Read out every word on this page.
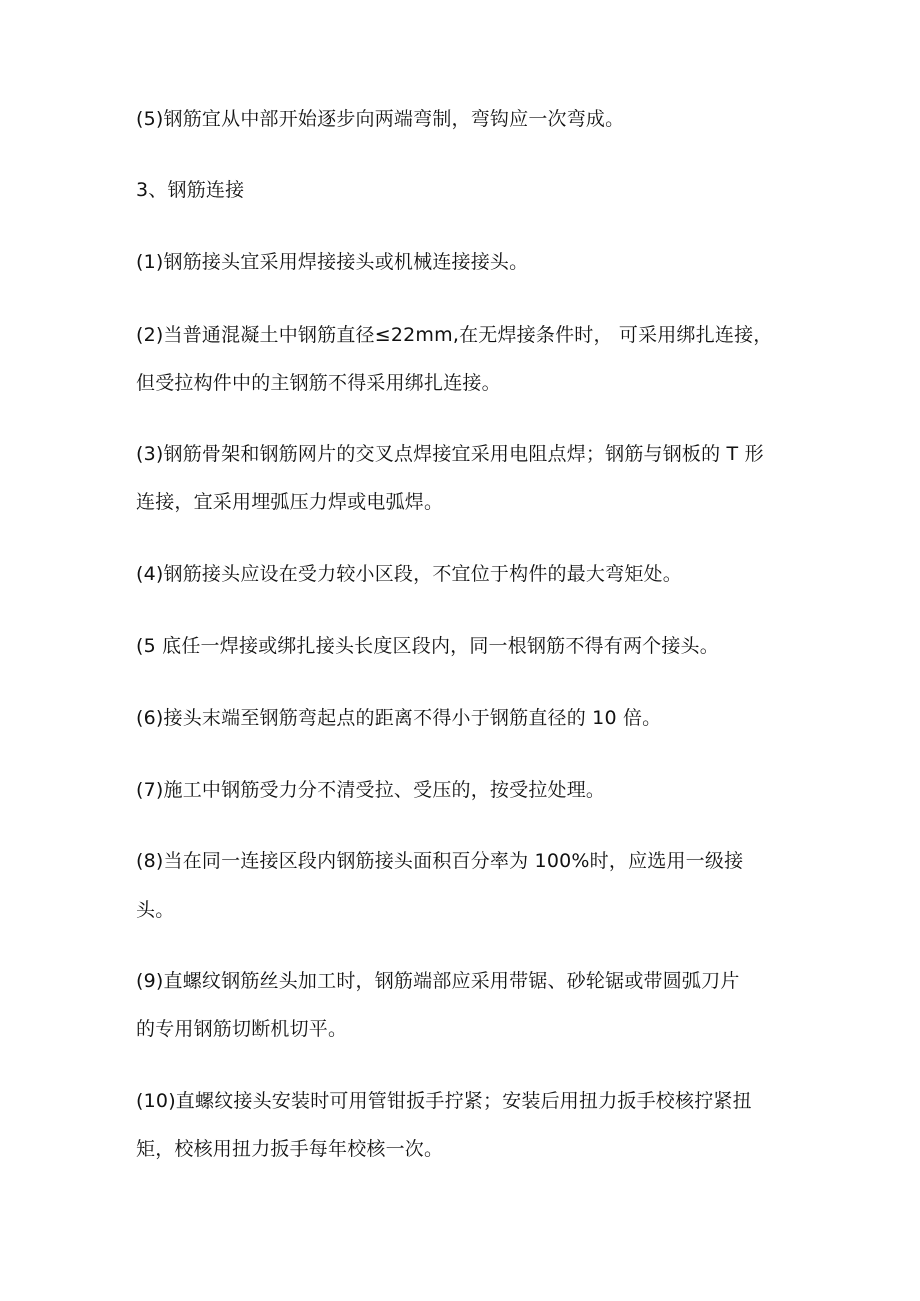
(5)钢筋宜从中部开始逐步向两端弯制，弯钩应一次弯成。

3、钢筋连接

(1)钢筋接头宜采用焊接接头或机械连接接头。

(2)当普通混凝土中钢筋直径≤22mm,在无焊接条件时， 可采用绑扎连接，

但受拉构件中的主钢筋不得采用绑扎连接。

(3)钢筋骨架和钢筋网片的交叉点焊接宜采用电阻点焊；钢筋与钢板的 T 形

连接，宜采用埋弧压力焊或电弧焊。

(4)钢筋接头应设在受力较小区段，不宜位于构件的最大弯矩处。

(5 底任一焊接或绑扎接头长度区段内，同一根钢筋不得有两个接头。

(6)接头末端至钢筋弯起点的距离不得小于钢筋直径的 10 倍。

(7)施工中钢筋受力分不清受拉、受压的，按受拉处理。

(8)当在同一连接区段内钢筋接头面积百分率为 100%时，应选用一级接

头。

(9)直螺纹钢筋丝头加工时，钢筋端部应采用带锯、砂轮锯或带圆弧刀片

的专用钢筋切断机切平。

(10)直螺纹接头安装时可用管钳扳手拧紧；安装后用扭力扳手校核拧紧扭

矩，校核用扭力扳手每年校核一次。
